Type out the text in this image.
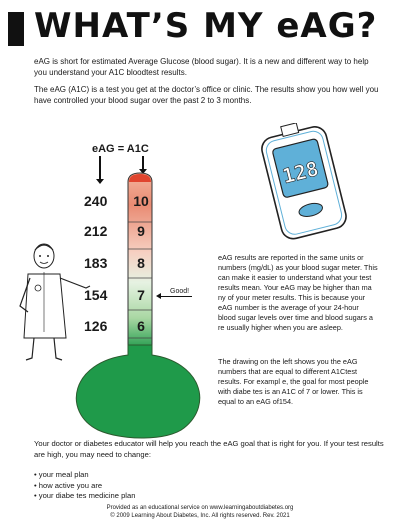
WHAT’S MY eAG?

eAG is short for estimated Average Glucose (blood sugar). It is a new and different way to help you understand your A1C bloodtest results.

The eAG (A1C) is a test you get at the doctor’s office or clinic. The results show you how well you have controlled your blood sugar over the past 2 to 3 months.

eAG = A1C
240	10
212	9
183	8
154	7
126	6
Good!
128

eAG results are reported in the same units or numbers (mg/dL) as your blood sugar meter. This can make it easier to understand what your test results mean. Your eAG may be higher than ma ny of your meter results. This is because your eAG number is the average of your 24-hour blood sugar levels over time and blood sugars a re usually higher when you are asleep.

The drawing on the left shows you the eAG numbers that are equal to different A1Ctest results. For exampl e, the goal for most people with diabe tes is an A1C of 7 or lower. This is equal to an eAG of154.

Your doctor or diabetes educator will help you reach the eAG goal that is right for you. If your test results are high, you may need to change:

• your meal plan
• how active you are
• your diabe tes medicine plan
Provided as an educational service on www.learningaboutdiabetes.org
© 2009 Learning About Diabetes, Inc. All rights reserved. Rev. 2021
